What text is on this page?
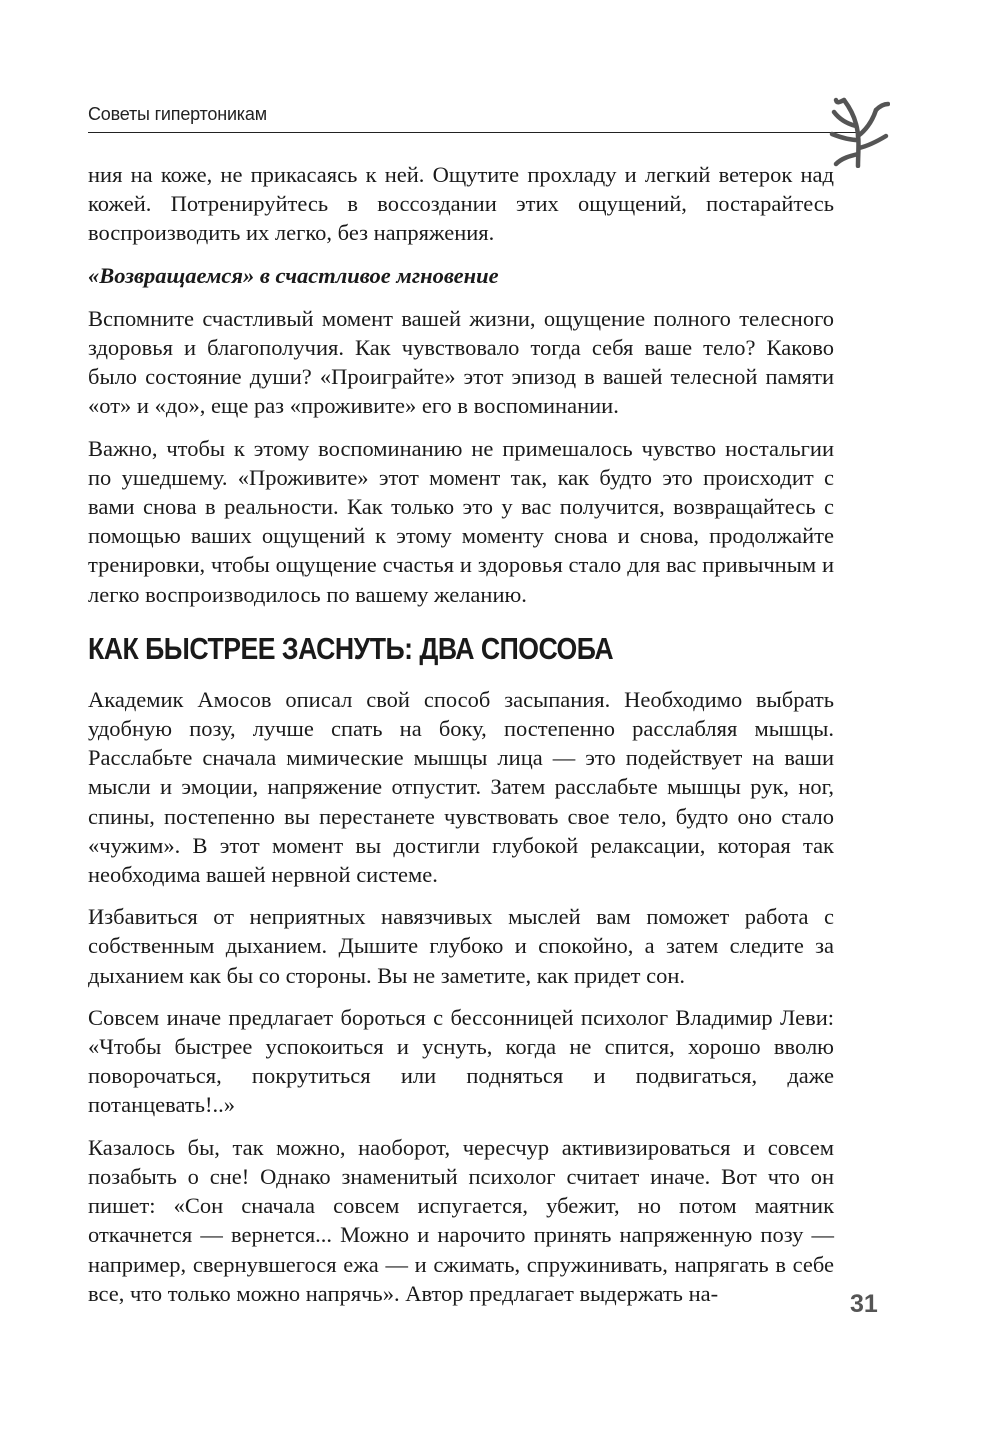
Советы гипертоникам

ния на коже, не прикасаясь к ней. Ощутите прохладу и легкий ветерок над кожей. Потренируйтесь в воссоздании этих ощущений, постарайтесь воспроизводить их легко, без напряжения.

«Возвращаемся» в счастливое мгновение

Вспомните счастливый момент вашей жизни, ощущение полного телесного здоровья и благополучия. Как чувствовало тогда себя ваше тело? Каково было состояние души? «Проиграйте» этот эпизод в вашей телесной памяти «от» и «до», еще раз «проживите» его в воспоминании.

Важно, чтобы к этому воспоминанию не примешалось чувство ностальгии по ушедшему. «Проживите» этот момент так, как будто это происходит с вами снова в реальности. Как только это у вас получится, возвращайтесь с помощью ваших ощущений к этому моменту снова и снова, продолжайте тренировки, чтобы ощущение счастья и здоровья стало для вас привычным и легко воспроизводилось по вашему желанию.

КАК БЫСТРЕЕ ЗАСНУТЬ: ДВА СПОСОБА

Академик Амосов описал свой способ засыпания. Необходимо выбрать удобную позу, лучше спать на боку, постепенно расслабляя мышцы. Расслабьте сначала мимические мышцы лица — это подействует на ваши мысли и эмоции, напряжение отпустит. Затем расслабьте мышцы рук, ног, спины, постепенно вы перестанете чувствовать свое тело, будто оно стало «чужим». В этот момент вы достигли глубокой релаксации, которая так необходима вашей нервной системе.

Избавиться от неприятных навязчивых мыслей вам поможет работа с собственным дыханием. Дышите глубоко и спокойно, а затем следите за дыханием как бы со стороны. Вы не заметите, как придет сон.

Совсем иначе предлагает бороться с бессонницей психолог Владимир Леви: «Чтобы быстрее успокоиться и уснуть, когда не спится, хорошо вволю поворочаться, покрутиться или подняться и подвигаться, даже потанцевать!..»

Казалось бы, так можно, наоборот, чересчур активизироваться и совсем позабыть о сне! Однако знаменитый психолог считает иначе. Вот что он пишет: «Сон сначала совсем испугается, убежит, но потом маятник откачнется — вернется... Можно и нарочито принять напряженную позу — например, свернувшегося ежа — и сжимать, спружинивать, напрягать в себе все, что только можно напрячь». Автор предлагает выдержать на-	31
